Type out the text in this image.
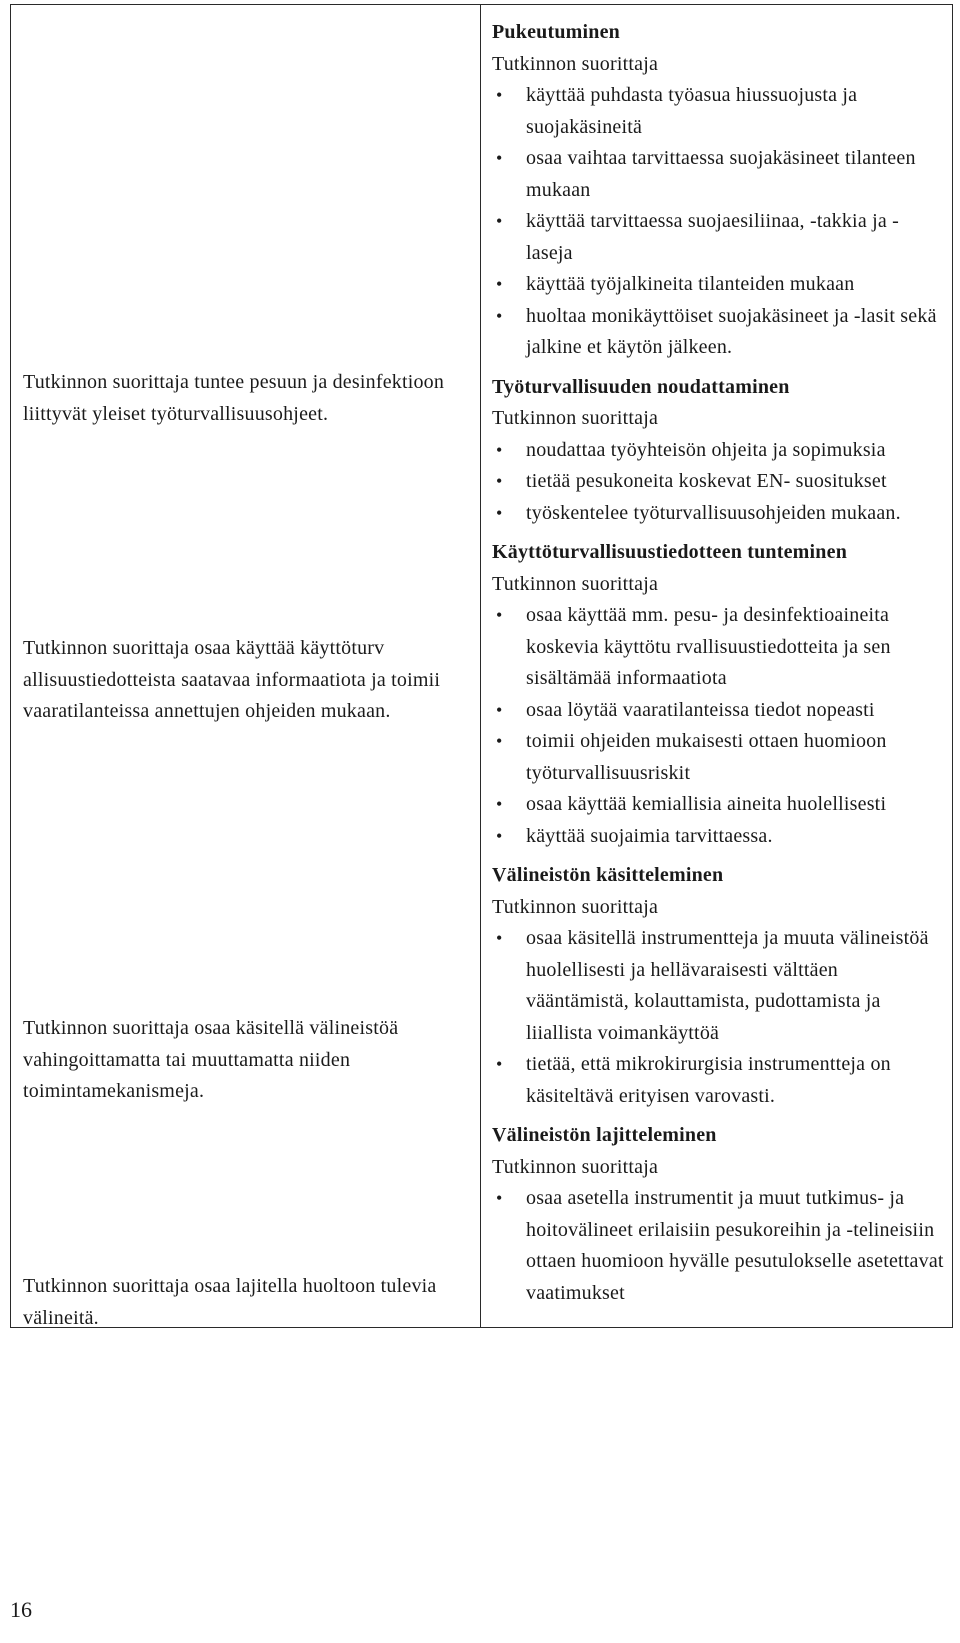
Tutkinnon suorittaja tuntee pesuun ja desinfektioon liittyvät yleiset työturvallisuusohjeet.

Tutkinnon suorittaja osaa käyttää käyttöturv allisuustiedotteista saatavaa informaatiota ja toimii vaaratilanteissa annettujen ohjeiden mukaan.

Tutkinnon suorittaja osaa käsitellä välineistöä vahingoittamatta tai muuttamatta niiden toimintamekanismeja.

Tutkinnon suorittaja osaa lajitella huoltoon tulevia välineitä.

Pukeutuminen

Tutkinnon suorittaja

• käyttää puhdasta työasua hiussuojusta ja suojakäsineitä
• osaa vaihtaa tarvittaessa suojakäsineet tilanteen mukaan
• käyttää tarvittaessa suojaesiliinaa, -takkia ja -laseja
• käyttää työjalkineita tilanteiden mukaan
• huoltaa monikäyttöiset suojakäsineet ja -lasit sekä jalkine et käytön jälkeen.

Työturvallisuuden noudattaminen

Tutkinnon suorittaja

• noudattaa työyhteisön ohjeita ja sopimuksia
• tietää pesukoneita koskevat EN- suositukset
• työskentelee työturvallisuusohjeiden mukaan.

Käyttöturvallisuustiedotteen tunteminen

Tutkinnon suorittaja

• osaa käyttää mm. pesu- ja desinfektioaineita koskevia käyttötu rvallisuustiedotteita ja sen sisältämää informaatiota
• osaa löytää vaaratilanteissa tiedot nopeasti
• toimii ohjeiden mukaisesti ottaen huomioon työturvallisuusriskit
• osaa käyttää kemiallisia aineita huolellisesti
• käyttää suojaimia tarvittaessa.

Välineistön käsitteleminen

Tutkinnon suorittaja

• osaa käsitellä instrumentteja ja muuta välineistöä huolellisesti ja hellävaraisesti välttäen vääntämistä, kolauttamista, pudottamista ja liiallista voimankäyttöä
• tietää, että mikrokirurgisia instrumentteja on käsiteltävä erityisen varovasti.

Välineistön lajitteleminen

Tutkinnon suorittaja

• osaa asetella instrumentit ja muut tutkimus- ja hoitovälineet erilaisiin pesukoreihin ja -telineisiin ottaen huomioon hyvälle pesutulokselle asetettavat vaatimukset

16
